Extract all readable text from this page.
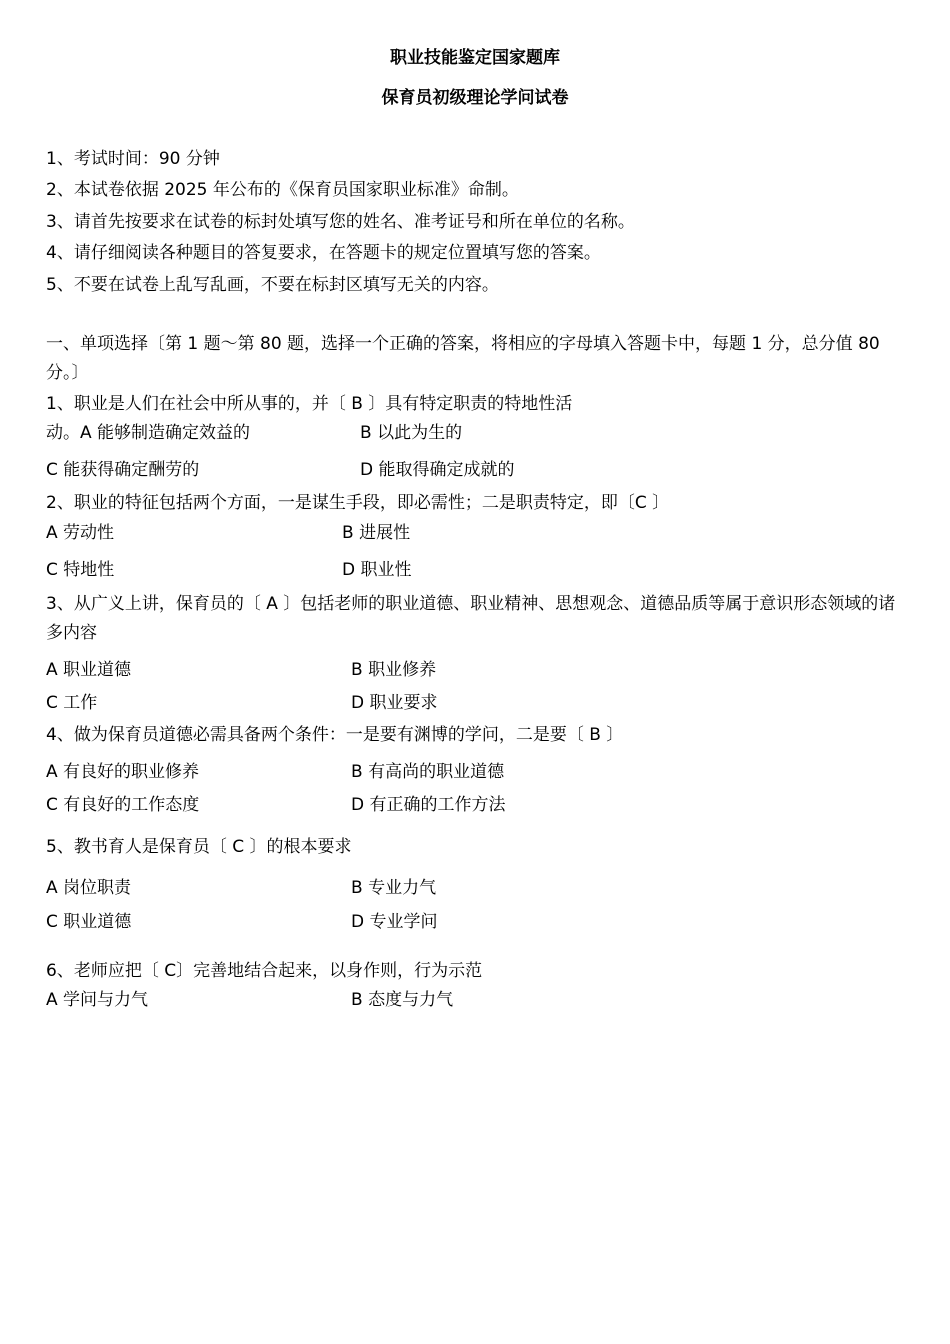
职业技能鉴定国家题库
保育员初级理论学问试卷
1、考试时间：90 分钟
2、本试卷依据 2025 年公布的《保育员国家职业标准》命制。
3、请首先按要求在试卷的标封处填写您的姓名、准考证号和所在单位的名称。
4、请仔细阅读各种题目的答复要求，在答题卡的规定位置填写您的答案。
5、不要在试卷上乱写乱画，不要在标封区填写无关的内容。
一、单项选择〔第 1 题～第 80 题，选择一个正确的答案，将相应的字母填入答题卡中，每题 1 分，总分值 80 分。〕
1、职业是人们在社会中所从事的，并〔 B 〕具有特定职责的特地性活
动。A 能够制造确定效益的	B 以此为生的
C 能获得确定酬劳的	D 能取得确定成就的
2、职业的特征包括两个方面，一是谋生手段，即必需性；二是职责特定，即〔C 〕
A 劳动性	B 进展性
C 特地性	D 职业性
3、从广义上讲，保育员的〔 A 〕包括老师的职业道德、职业精神、思想观念、道德品质等属于意识形态领域的诸多内容
A 职业道德	B 职业修养
C 工作	D 职业要求
4、做为保育员道德必需具备两个条件：一是要有渊博的学问，二是要〔 B 〕
A 有良好的职业修养	B 有高尚的职业道德
C 有良好的工作态度	D 有正确的工作方法
5、教书育人是保育员〔 C 〕的根本要求
A 岗位职责	B 专业力气
C 职业道德	D 专业学问
6、老师应把〔 C〕完善地结合起来，以身作则，行为示范
A 学问与力气	B 态度与力气
